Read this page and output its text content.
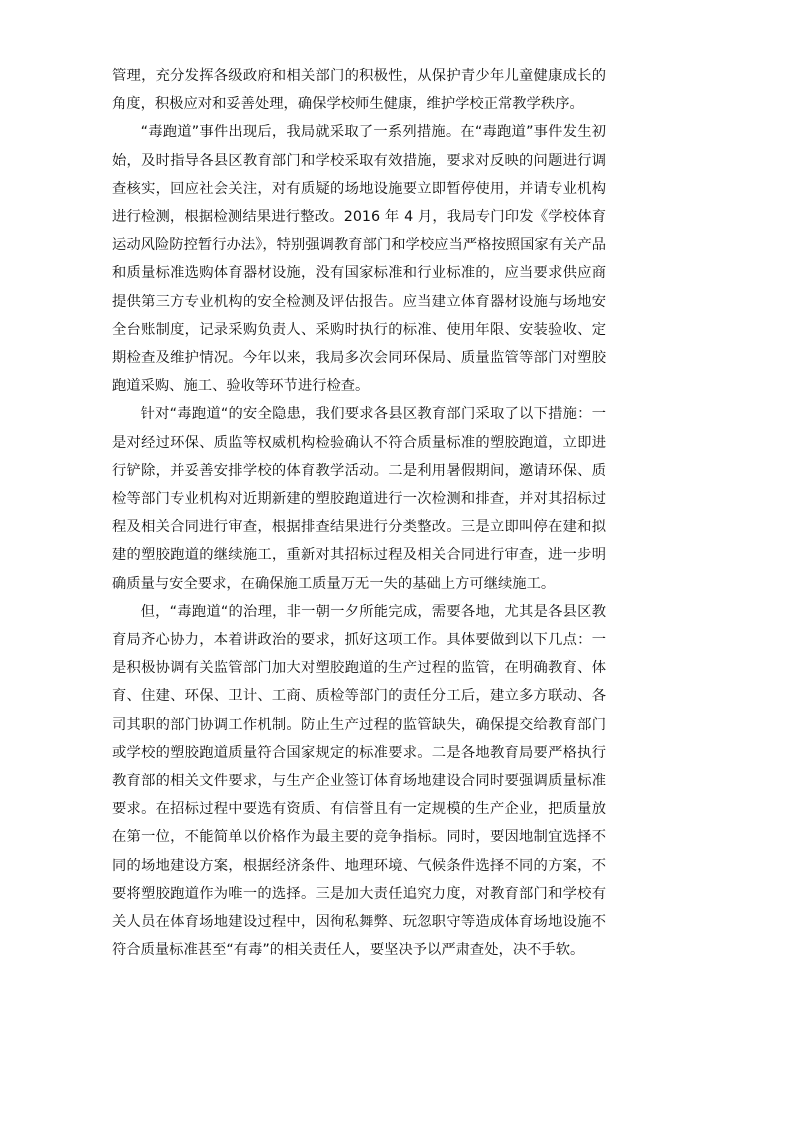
管理，充分发挥各级政府和相关部门的积极性，从保护青少年儿童健康成长的角度，积极应对和妥善处理，确保学校师生健康，维护学校正常教学秩序。

“毒跑道”事件出现后，我局就采取了一系列措施。在“毒跑道”事件发生初始，及时指导各县区教育部门和学校采取有效措施，要求对反映的问题进行调查核实，回应社会关注，对有质疑的场地设施要立即暂停使用，并请专业机构进行检测，根据检测结果进行整改。2016 年 4 月，我局专门印发《学校体育运动风险防控暂行办法》，特别强调教育部门和学校应当严格按照国家有关产品和质量标准选购体育器材设施，没有国家标准和行业标准的，应当要求供应商提供第三方专业机构的安全检测及评估报告。应当建立体育器材设施与场地安全台账制度，记录采购负责人、采购时执行的标准、使用年限、安装验收、定期检查及维护情况。今年以来，我局多次会同环保局、质量监管等部门对塑胶跑道采购、施工、验收等环节进行检查。

针对“毒跑道“的安全隐患，我们要求各县区教育部门采取了以下措施：一是对经过环保、质监等权威机构检验确认不符合质量标准的塑胶跑道，立即进行铲除，并妥善安排学校的体育教学活动。二是利用暑假期间，邀请环保、质检等部门专业机构对近期新建的塑胶跑道进行一次检测和排查，并对其招标过程及相关合同进行审查，根据排查结果进行分类整改。三是立即叫停在建和拟建的塑胶跑道的继续施工，重新对其招标过程及相关合同进行审查，进一步明确质量与安全要求，在确保施工质量万无一失的基础上方可继续施工。

但，“毒跑道“的治理，非一朝一夕所能完成，需要各地，尤其是各县区教育局齐心协力，本着讲政治的要求，抓好这项工作。具体要做到以下几点：一是积极协调有关监管部门加大对塑胶跑道的生产过程的监管，在明确教育、体育、住建、环保、卫计、工商、质检等部门的责任分工后，建立多方联动、各司其职的部门协调工作机制。防止生产过程的监管缺失，确保提交给教育部门或学校的塑胶跑道质量符合国家规定的标准要求。二是各地教育局要严格执行教育部的相关文件要求，与生产企业签订体育场地建设合同时要强调质量标准要求。在招标过程中要选有资质、有信誉且有一定规模的生产企业，把质量放在第一位，不能简单以价格作为最主要的竞争指标。同时，要因地制宜选择不同的场地建设方案，根据经济条件、地理环境、气候条件选择不同的方案，不要将塑胶跑道作为唯一的选择。三是加大责任追究力度，对教育部门和学校有关人员在体育场地建设过程中，因徇私舞弊、玩忽职守等造成体育场地设施不符合质量标准甚至“有毒”的相关责任人，要坚决予以严肃查处，决不手软。
